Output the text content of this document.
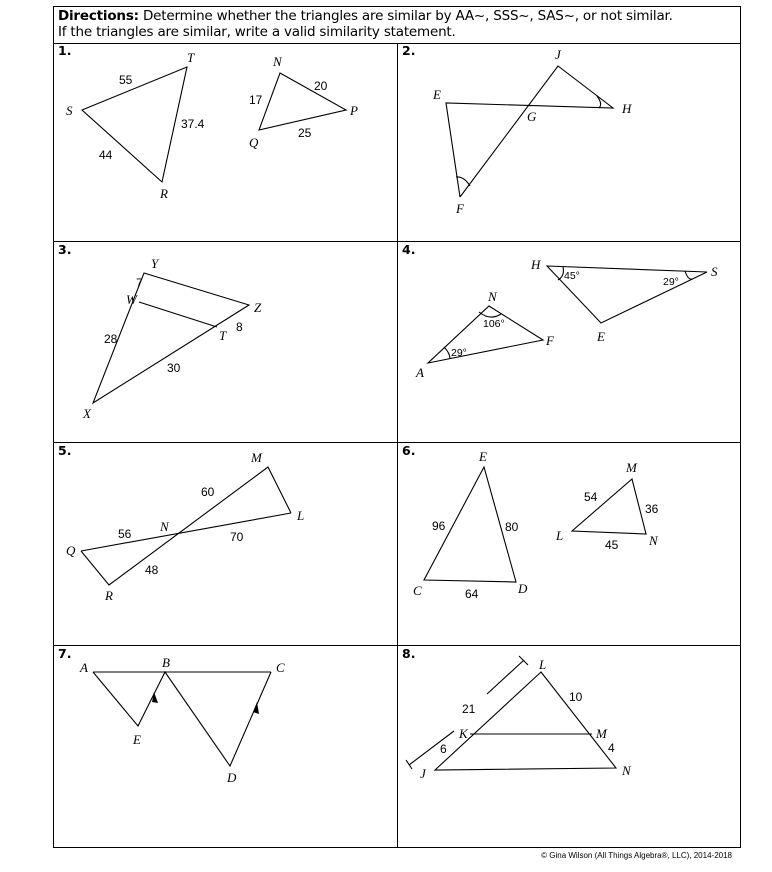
Directions: Determine whether the triangles are similar by AA~, SSS~, SAS~, or not similar.
If the triangles are similar, write a valid similarity statement.
1.	2.
3.	4.
5.	6.
7.	8.
S
T
R
N
P
Q
55
37.4
44
17
20
25
J
E
H
G
F
Y
W
Z
T
X
7
28
8
30
H	S
E
N
F
A
45°	29°
106°
29°
M
L
N
Q
R
60
56	70
48
E
C	D
M
L	N
96	80
64
54
36
45
A	B	C
E
D
L
K	M
J	N
21
10
6	4
© Gina Wilson (All Things Algebra®, LLC), 2014-2018
